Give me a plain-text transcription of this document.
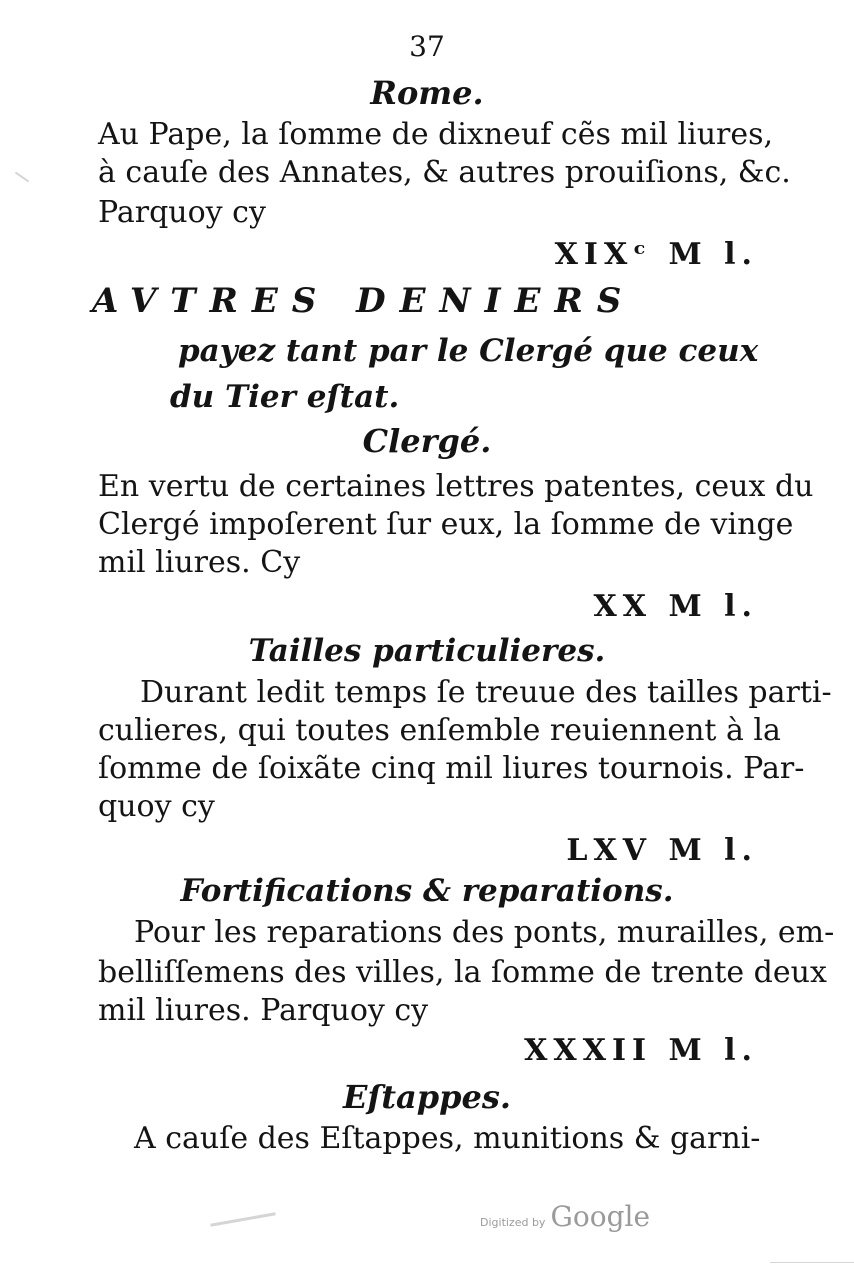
37
Rome.
Au Pape, la ſomme de dixneuf cẽs mil liures,
à cauſe des Annates, & autres prouiſions, &c.
Parquoy cy
XIXᶜ M l.
AVTRES DENIERS
payez tant par le Clergé que ceux
du Tier eſtat.
Clergé.
En vertu de certaines lettres patentes, ceux du
Clergé impoſerent ſur eux, la ſomme de vinge
mil liures. Cy
XX M l.
Tailles particulieres.
Durant ledit temps ſe treuue des tailles parti-
culieres, qui toutes enſemble reuiennent à la
ſomme de ſoixãte cinq mil liures tournois. Par-
quoy cy
LXV M l.
Fortifications & reparations.
Pour les reparations des ponts, murailles, em-
belliſſemens des villes, la ſomme de trente deux
mil liures. Parquoy cy
XXXII M l.
Eſtappes.
A cauſe des Eſtappes, munitions & garni-
Digitized by Google
